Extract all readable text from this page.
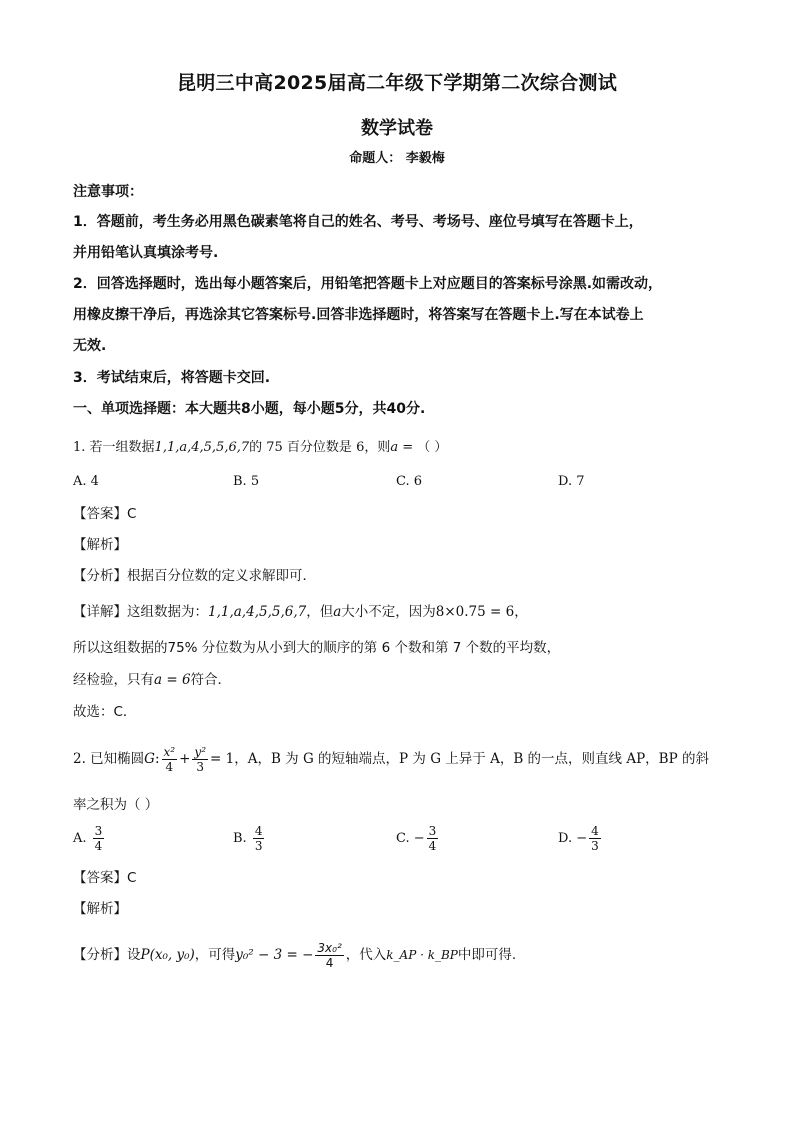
昆明三中高2025届高二年级下学期第二次综合测试
数学试卷
命题人： 李毅梅
注意事项：
1．答题前，考生务必用黑色碳素笔将自己的姓名、考号、考场号、座位号填写在答题卡上，
并用铅笔认真填涂考号.
2．回答选择题时，选出每小题答案后，用铅笔把答题卡上对应题目的答案标号涂黑.如需改动，
用橡皮擦干净后，再选涂其它答案标号.回答非选择题时，将答案写在答题卡上.写在本试卷上
无效.
3．考试结束后，将答题卡交回.
一、单项选择题：本大题共8小题，每小题5分，共40分.
1. 若一组数据1,1,a,4,5,5,6,7的 75 百分位数是 6，则a = （ ）
A. 4	B. 5	C. 6	D. 7
【答案】C
【解析】
【分析】根据百分位数的定义求解即可．
【详解】这组数据为：1,1,a,4,5,5,6,7，但a大小不定，因为8×0.75 = 6，
所以这组数据的75% 分位数为从小到大的顺序的第 6 个数和第 7 个数的平均数，
经检验，只有a = 6符合．
故选：C．
2. 已知椭圆G: $\frac{\text{x²}}{4} + \frac{\text{y²}}{3} = 1$，A，B 为 G 的短轴端点，P 为 G 上异于 A，B 的一点，则直线 AP，BP 的斜
率之积为（ ）
A. $\frac{3}{4}$	B. $\frac{4}{3}$	C. − $\frac{3}{4}$	D. − $\frac{4}{3}$
【答案】C
【解析】
【分析】设P(x₀, y₀)，可得y₀² − 3 = − $\frac{\text{3x₀²}}{4}$ ，代入k_AP · k_BP中即可得.
